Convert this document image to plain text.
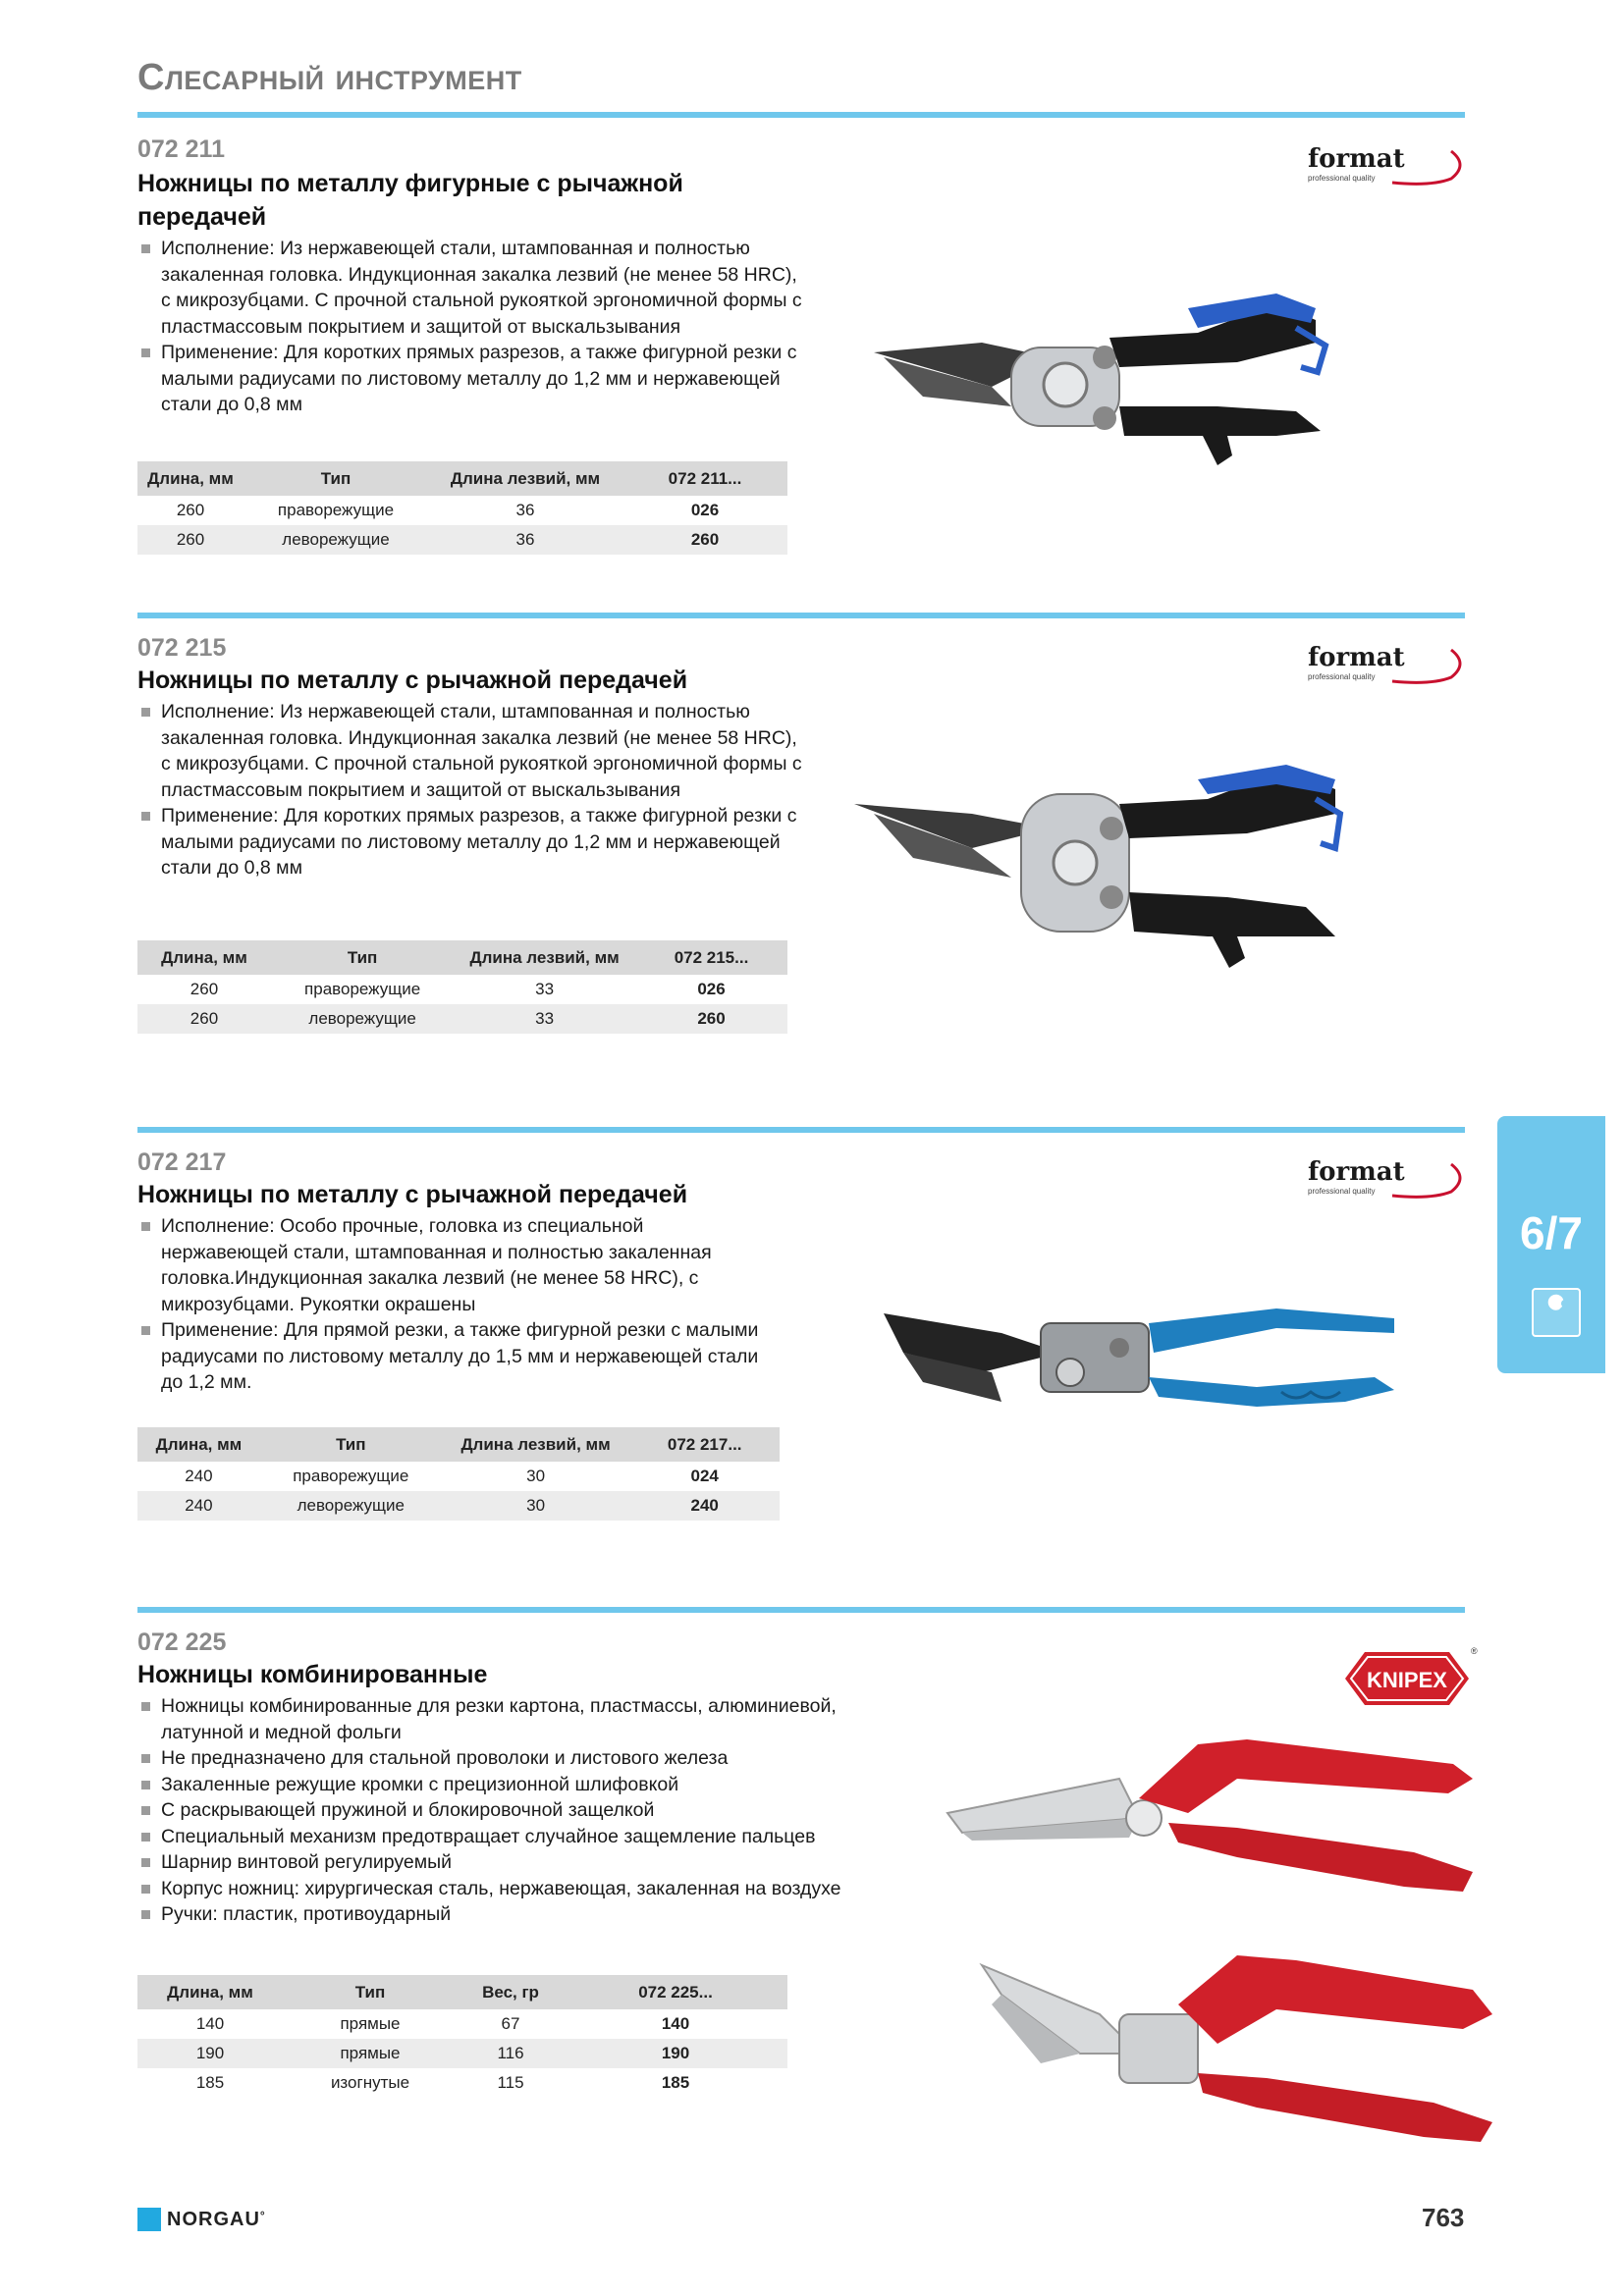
Слесарный инструмент
072 211
Ножницы по металлу фигурные с рычажной передачей
Исполнение: Из нержавеющей стали, штампованная и полностью закаленная головка. Индукционная закалка лезвий (не менее 58 HRC), с микрозубцами. С прочной стальной рукояткой эргономичной формы с пластмассовым покрытием и защитой от выскальзывания
Применение: Для коротких прямых разрезов, а также фигурной резки с малыми радиусами по листовому металлу до 1,2 мм и нержавеющей стали до 0,8 мм
Длина, мм	Тип	Длина лезвий, мм	072 211...
260	праворежущие	36	026
260	леворежущие	36	260
format
professional quality
072 215
Ножницы по металлу с рычажной передачей
Исполнение: Из нержавеющей стали, штампованная и полностью закаленная головка. Индукционная закалка лезвий (не менее 58 HRC), с микрозубцами. С прочной стальной рукояткой эргономичной формы с пластмассовым покрытием и защитой от выскальзывания
Применение: Для коротких прямых разрезов, а также фигурной резки с малыми радиусами по листовому металлу до 1,2 мм и нержавеющей стали до 0,8 мм
Длина, мм	Тип	Длина лезвий, мм	072 215...
260	праворежущие	33	026
260	леворежущие	33	260
format
professional quality
072 217
Ножницы по металлу с рычажной передачей
Исполнение: Особо прочные, головка из специальной нержавеющей стали, штампованная и полностью закаленная головка.Индукционная закалка лезвий (не менее 58 HRC), с микрозубцами. Рукоятки окрашены
Применение: Для прямой резки, а также фигурной резки с малыми радиусами по листовому металлу до 1,5 мм и нержавеющей стали до 1,2 мм.
Длина, мм	Тип	Длина лезвий, мм	072 217...
240	праворежущие	30	024
240	леворежущие	30	240
format
professional quality
072 225
Ножницы комбинированные
Ножницы комбинированные для резки картона, пластмассы, алюминиевой, латунной и медной фольги
Не предназначено для стальной проволоки и листового железа
Закаленные режущие кромки с прецизионной шлифовкой
С раскрывающей пружиной и блокировочной защелкой
Специальный механизм предотвращает случайное защемление пальцев
Шарнир винтовой регулируемый
Корпус ножниц: хирургическая сталь, нержавеющая, закаленная на воздухе
Ручки: пластик, противоударный
Длина, мм	Тип	Вес, гр	072 225...
140	прямые	67	140
190	прямые	116	190
185	изогнутые	115	185
KNIPEX
®
6/7
NORGAU°	763
